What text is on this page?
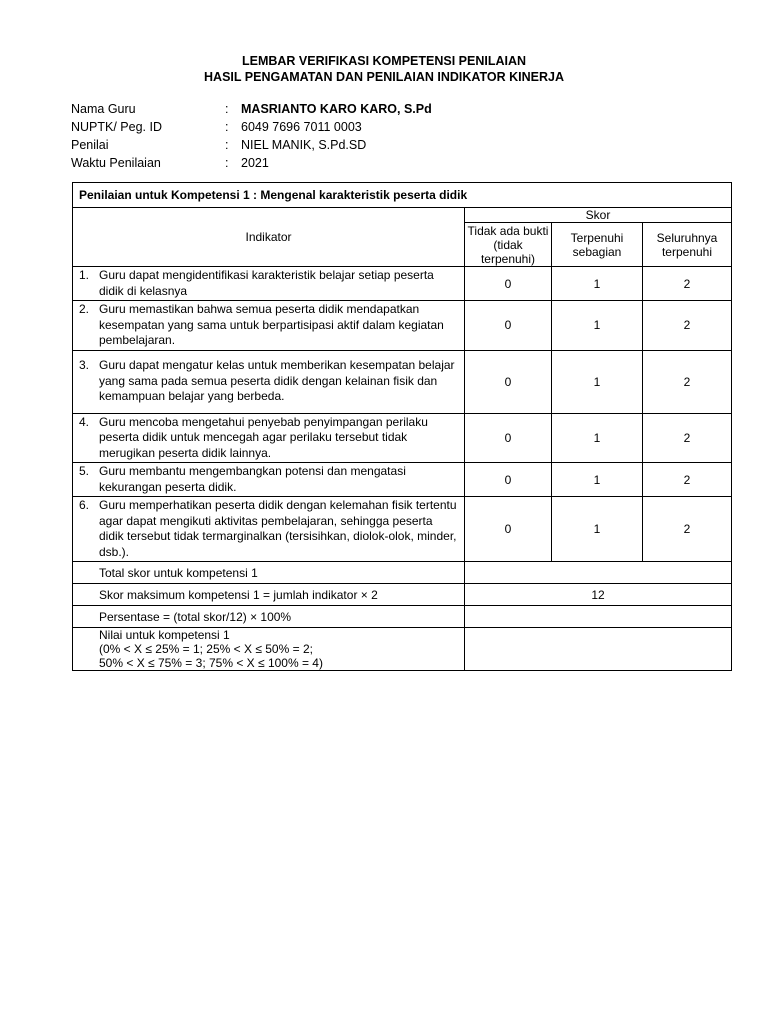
LEMBAR VERIFIKASI KOMPETENSI PENILAIAN
HASIL PENGAMATAN DAN PENILAIAN INDIKATOR KINERJA
Nama Guru	:	MASRIANTO KARO KARO, S.Pd
NUPTK/ Peg. ID	:	6049 7696 7011 0003
Penilai	:	NIEL MANIK, S.Pd.SD
Waktu Penilaian	:	2021
Penilaian untuk Kompetensi 1 : Mengenal karakteristik peserta didik			
Indikator	Skor		
	Tidak ada bukti (tidak terpenuhi)	Terpenuhi sebagian	Seluruhnya terpenuhi

1. Guru dapat mengidentifikasi karakteristik belajar setiap peserta didik di kelasnya	0	1	2

2. Guru memastikan bahwa semua peserta didik mendapatkan kesempatan yang sama untuk berpartisipasi aktif dalam kegiatan pembelajaran.	0	1	2

3. Guru dapat mengatur kelas untuk memberikan kesempatan belajar yang sama pada semua peserta didik dengan kelainan fisik dan kemampuan belajar yang berbeda.	0	1	2

4. Guru mencoba mengetahui penyebab penyimpangan perilaku peserta didik untuk mencegah agar perilaku tersebut tidak merugikan peserta didik lainnya.	0	1	2

5. Guru membantu mengembangkan potensi dan mengatasi kekurangan peserta didik.	0	1	2

6. Guru memperhatikan peserta didik dengan kelemahan fisik tertentu agar dapat mengikuti aktivitas pembelajaran, sehingga peserta didik tersebut tidak termarginalkan (tersisihkan, diolok-olok, minder, dsb.).	0	1	2
Total skor untuk kompetensi 1			
Skor maksimum kompetensi 1 = jumlah indikator × 2	12		
Persentase = (total skor/12) × 100%			

Nilai untuk kompetensi 1
(0% < X ≤ 25% = 1; 25% < X ≤ 50% = 2;
50% < X ≤ 75% = 3; 75% < X ≤ 100% = 4)			
